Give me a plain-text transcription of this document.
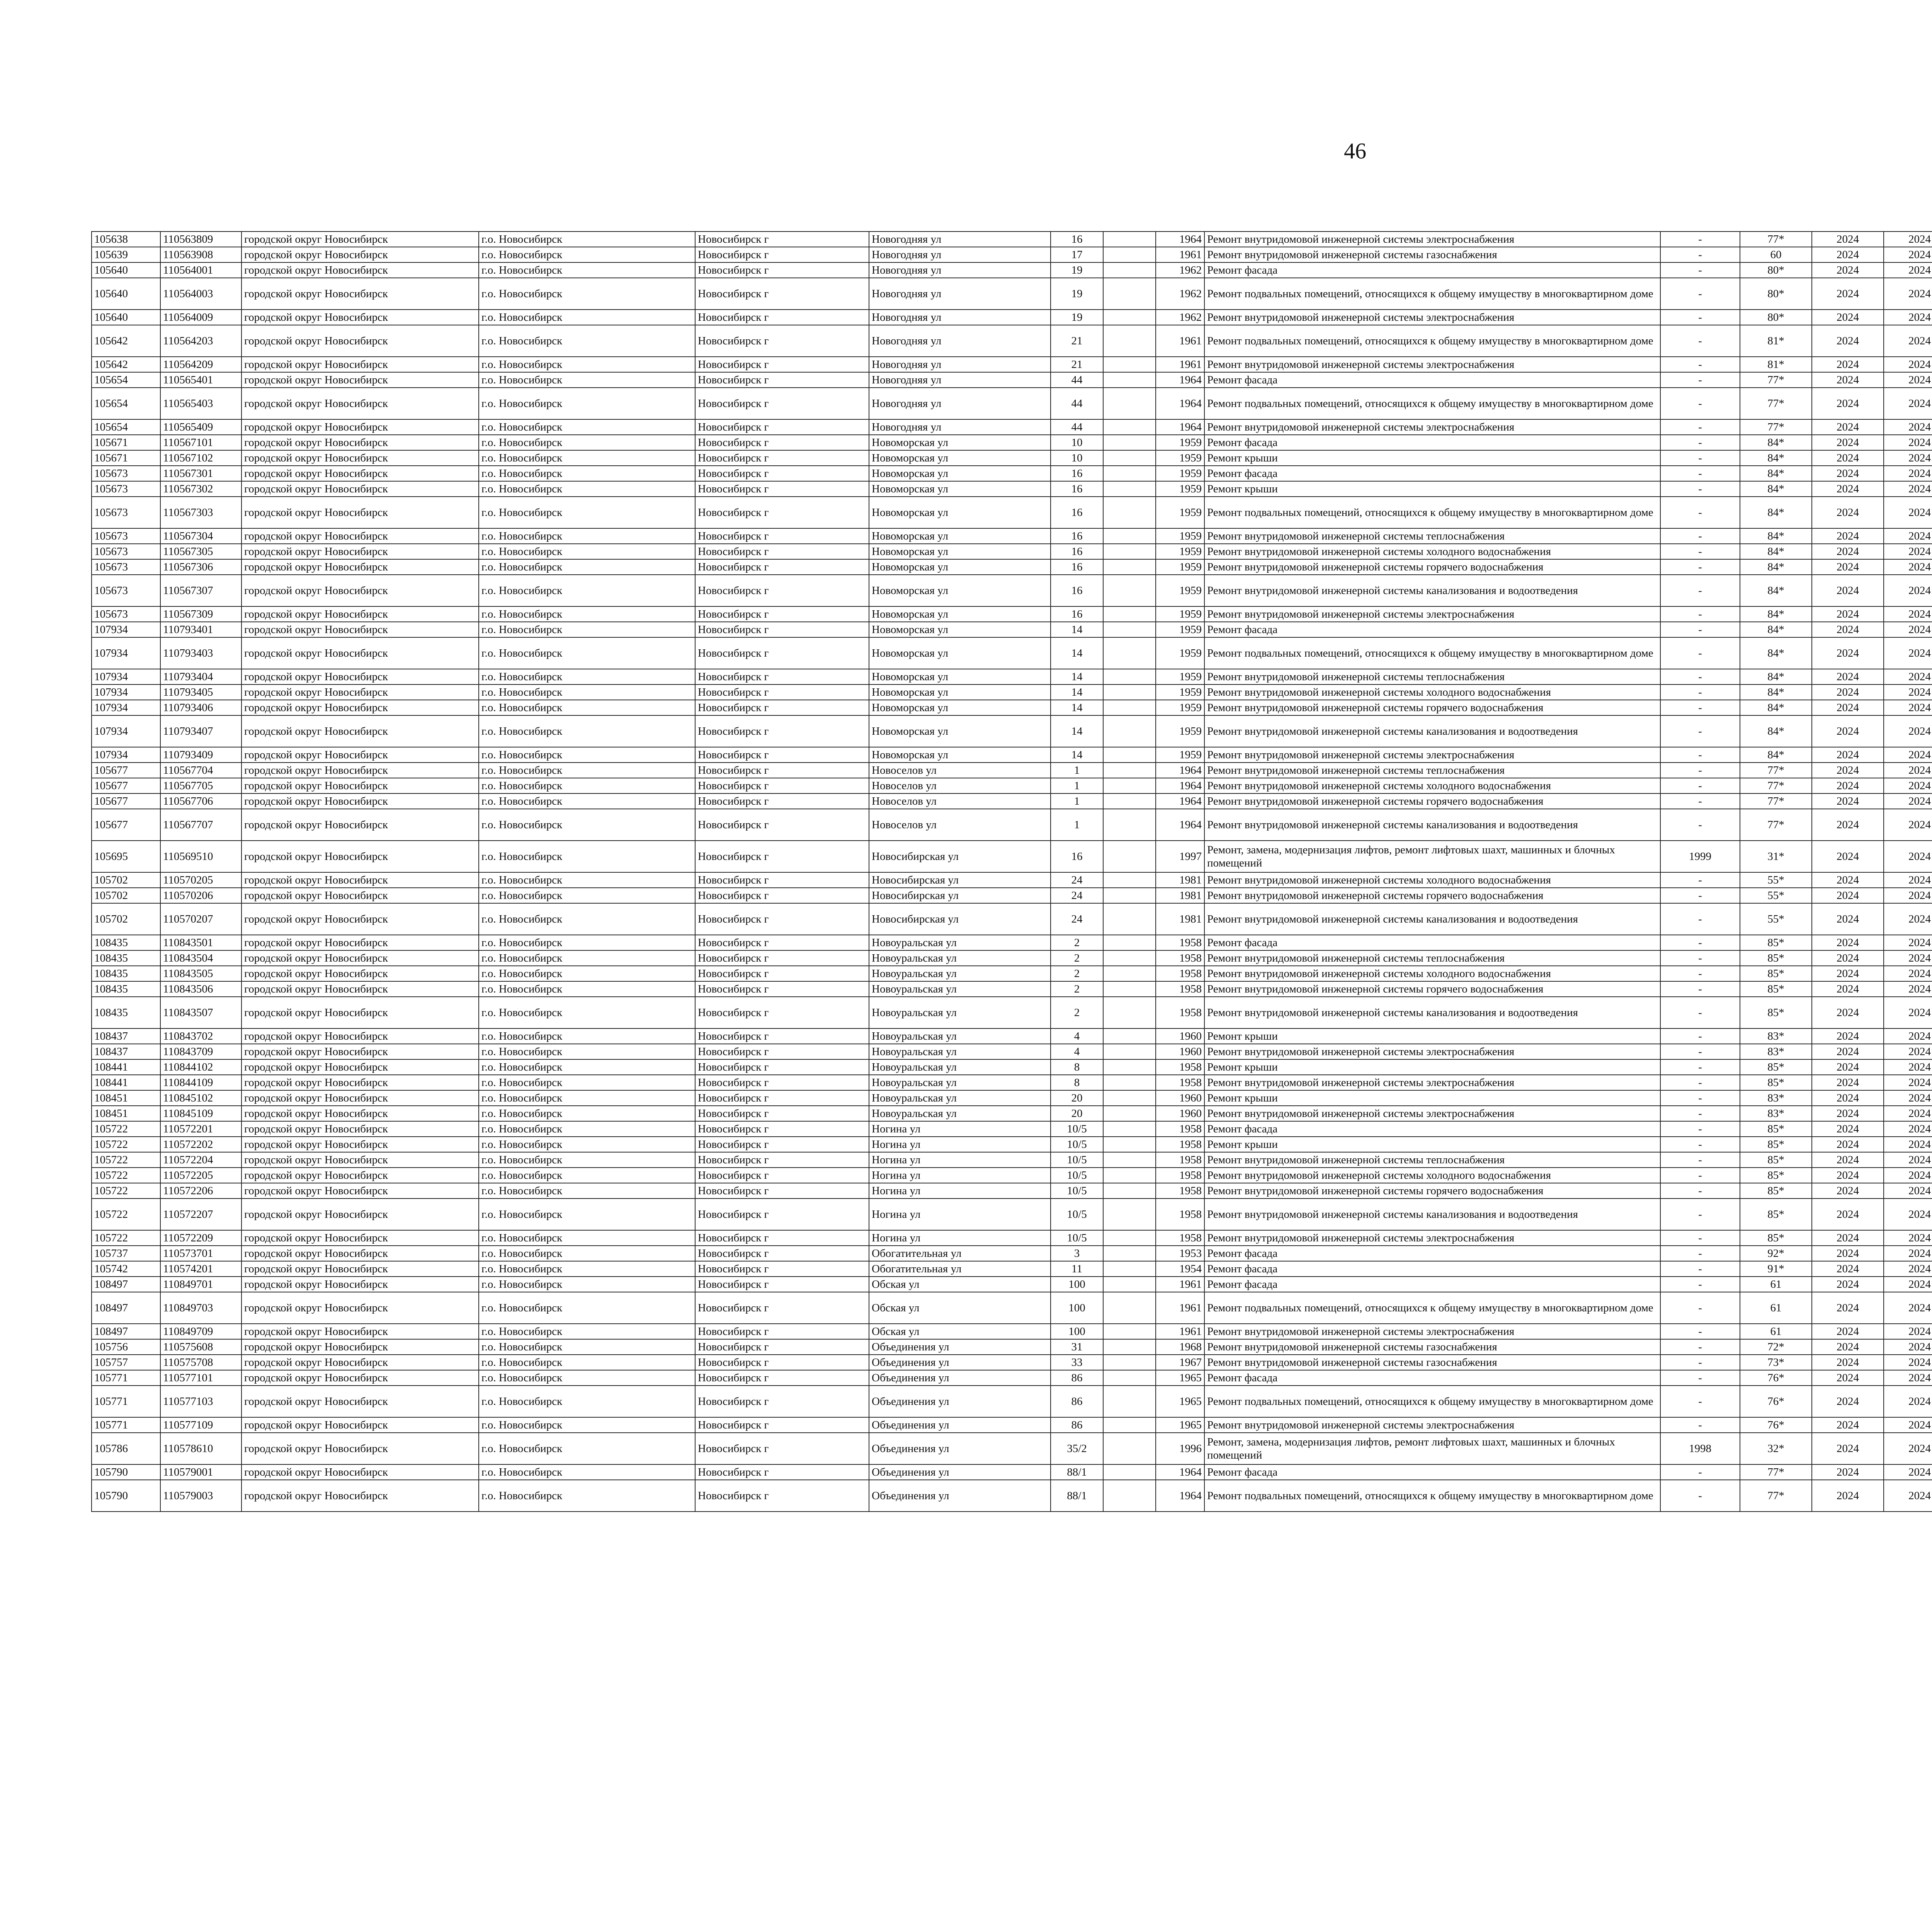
46
105638	110563809	городской округ Новосибирск	г.о. Новосибирск	Новосибирск г	Новогодняя ул	16		1964	Ремонт внутридомовой инженерной системы электроснабжения	-	77*	2024	2024					
105639	110563908	городской округ Новосибирск	г.о. Новосибирск	Новосибирск г	Новогодняя ул	17		1961	Ремонт внутридомовой инженерной системы газоснабжения	-	60	2024	2024					
105640	110564001	городской округ Новосибирск	г.о. Новосибирск	Новосибирск г	Новогодняя ул	19		1962	Ремонт фасада	-	80*	2024	2024					
105640	110564003	городской округ Новосибирск	г.о. Новосибирск	Новосибирск г	Новогодняя ул	19		1962	Ремонт подвальных помещений, относящихся к общему имуществу в многоквартирном доме	-	80*	2024	2024					
105640	110564009	городской округ Новосибирск	г.о. Новосибирск	Новосибирск г	Новогодняя ул	19		1962	Ремонт внутридомовой инженерной системы электроснабжения	-	80*	2024	2024					
105642	110564203	городской округ Новосибирск	г.о. Новосибирск	Новосибирск г	Новогодняя ул	21		1961	Ремонт подвальных помещений, относящихся к общему имуществу в многоквартирном доме	-	81*	2024	2024					
105642	110564209	городской округ Новосибирск	г.о. Новосибирск	Новосибирск г	Новогодняя ул	21		1961	Ремонт внутридомовой инженерной системы электроснабжения	-	81*	2024	2024					
105654	110565401	городской округ Новосибирск	г.о. Новосибирск	Новосибирск г	Новогодняя ул	44		1964	Ремонт фасада	-	77*	2024	2024					
105654	110565403	городской округ Новосибирск	г.о. Новосибирск	Новосибирск г	Новогодняя ул	44		1964	Ремонт подвальных помещений, относящихся к общему имуществу в многоквартирном доме	-	77*	2024	2024					
105654	110565409	городской округ Новосибирск	г.о. Новосибирск	Новосибирск г	Новогодняя ул	44		1964	Ремонт внутридомовой инженерной системы электроснабжения	-	77*	2024	2024					
105671	110567101	городской округ Новосибирск	г.о. Новосибирск	Новосибирск г	Новоморская ул	10		1959	Ремонт фасада	-	84*	2024	2024					
105671	110567102	городской округ Новосибирск	г.о. Новосибирск	Новосибирск г	Новоморская ул	10		1959	Ремонт крыши	-	84*	2024	2024					
105673	110567301	городской округ Новосибирск	г.о. Новосибирск	Новосибирск г	Новоморская ул	16		1959	Ремонт фасада	-	84*	2024	2024					
105673	110567302	городской округ Новосибирск	г.о. Новосибирск	Новосибирск г	Новоморская ул	16		1959	Ремонт крыши	-	84*	2024	2024					
105673	110567303	городской округ Новосибирск	г.о. Новосибирск	Новосибирск г	Новоморская ул	16		1959	Ремонт подвальных помещений, относящихся к общему имуществу в многоквартирном доме	-	84*	2024	2024					
105673	110567304	городской округ Новосибирск	г.о. Новосибирск	Новосибирск г	Новоморская ул	16		1959	Ремонт внутридомовой инженерной системы теплоснабжения	-	84*	2024	2024					
105673	110567305	городской округ Новосибирск	г.о. Новосибирск	Новосибирск г	Новоморская ул	16		1959	Ремонт внутридомовой инженерной системы холодного водоснабжения	-	84*	2024	2024					
105673	110567306	городской округ Новосибирск	г.о. Новосибирск	Новосибирск г	Новоморская ул	16		1959	Ремонт внутридомовой инженерной системы горячего водоснабжения	-	84*	2024	2024					
105673	110567307	городской округ Новосибирск	г.о. Новосибирск	Новосибирск г	Новоморская ул	16		1959	Ремонт внутридомовой инженерной системы канализования и водоотведения	-	84*	2024	2024					
105673	110567309	городской округ Новосибирск	г.о. Новосибирск	Новосибирск г	Новоморская ул	16		1959	Ремонт внутридомовой инженерной системы электроснабжения	-	84*	2024	2024					
107934	110793401	городской округ Новосибирск	г.о. Новосибирск	Новосибирск г	Новоморская ул	14		1959	Ремонт фасада	-	84*	2024	2024					
107934	110793403	городской округ Новосибирск	г.о. Новосибирск	Новосибирск г	Новоморская ул	14		1959	Ремонт подвальных помещений, относящихся к общему имуществу в многоквартирном доме	-	84*	2024	2024					
107934	110793404	городской округ Новосибирск	г.о. Новосибирск	Новосибирск г	Новоморская ул	14		1959	Ремонт внутридомовой инженерной системы теплоснабжения	-	84*	2024	2024					
107934	110793405	городской округ Новосибирск	г.о. Новосибирск	Новосибирск г	Новоморская ул	14		1959	Ремонт внутридомовой инженерной системы холодного водоснабжения	-	84*	2024	2024					
107934	110793406	городской округ Новосибирск	г.о. Новосибирск	Новосибирск г	Новоморская ул	14		1959	Ремонт внутридомовой инженерной системы горячего водоснабжения	-	84*	2024	2024					
107934	110793407	городской округ Новосибирск	г.о. Новосибирск	Новосибирск г	Новоморская ул	14		1959	Ремонт внутридомовой инженерной системы канализования и водоотведения	-	84*	2024	2024					
107934	110793409	городской округ Новосибирск	г.о. Новосибирск	Новосибирск г	Новоморская ул	14		1959	Ремонт внутридомовой инженерной системы электроснабжения	-	84*	2024	2024					
105677	110567704	городской округ Новосибирск	г.о. Новосибирск	Новосибирск г	Новоселов ул	1		1964	Ремонт внутридомовой инженерной системы теплоснабжения	-	77*	2024	2024					
105677	110567705	городской округ Новосибирск	г.о. Новосибирск	Новосибирск г	Новоселов ул	1		1964	Ремонт внутридомовой инженерной системы холодного водоснабжения	-	77*	2024	2024					
105677	110567706	городской округ Новосибирск	г.о. Новосибирск	Новосибирск г	Новоселов ул	1		1964	Ремонт внутридомовой инженерной системы горячего водоснабжения	-	77*	2024	2024					
105677	110567707	городской округ Новосибирск	г.о. Новосибирск	Новосибирск г	Новоселов ул	1		1964	Ремонт внутридомовой инженерной системы канализования и водоотведения	-	77*	2024	2024					
105695	110569510	городской округ Новосибирск	г.о. Новосибирск	Новосибирск г	Новосибирская ул	16		1997	Ремонт, замена, модернизация лифтов, ремонт лифтовых шахт, машинных и блочных помещений	1999	31*	2024	2024					
105702	110570205	городской округ Новосибирск	г.о. Новосибирск	Новосибирск г	Новосибирская ул	24		1981	Ремонт внутридомовой инженерной системы холодного водоснабжения	-	55*	2024	2024					
105702	110570206	городской округ Новосибирск	г.о. Новосибирск	Новосибирск г	Новосибирская ул	24		1981	Ремонт внутридомовой инженерной системы горячего водоснабжения	-	55*	2024	2024					
105702	110570207	городской округ Новосибирск	г.о. Новосибирск	Новосибирск г	Новосибирская ул	24		1981	Ремонт внутридомовой инженерной системы канализования и водоотведения	-	55*	2024	2024					
108435	110843501	городской округ Новосибирск	г.о. Новосибирск	Новосибирск г	Новоуральская ул	2		1958	Ремонт фасада	-	85*	2024	2024					
108435	110843504	городской округ Новосибирск	г.о. Новосибирск	Новосибирск г	Новоуральская ул	2		1958	Ремонт внутридомовой инженерной системы теплоснабжения	-	85*	2024	2024					
108435	110843505	городской округ Новосибирск	г.о. Новосибирск	Новосибирск г	Новоуральская ул	2		1958	Ремонт внутридомовой инженерной системы холодного водоснабжения	-	85*	2024	2024					
108435	110843506	городской округ Новосибирск	г.о. Новосибирск	Новосибирск г	Новоуральская ул	2		1958	Ремонт внутридомовой инженерной системы горячего водоснабжения	-	85*	2024	2024					
108435	110843507	городской округ Новосибирск	г.о. Новосибирск	Новосибирск г	Новоуральская ул	2		1958	Ремонт внутридомовой инженерной системы канализования и водоотведения	-	85*	2024	2024					
108437	110843702	городской округ Новосибирск	г.о. Новосибирск	Новосибирск г	Новоуральская ул	4		1960	Ремонт крыши	-	83*	2024	2024					
108437	110843709	городской округ Новосибирск	г.о. Новосибирск	Новосибирск г	Новоуральская ул	4		1960	Ремонт внутридомовой инженерной системы электроснабжения	-	83*	2024	2024					
108441	110844102	городской округ Новосибирск	г.о. Новосибирск	Новосибирск г	Новоуральская ул	8		1958	Ремонт крыши	-	85*	2024	2024					
108441	110844109	городской округ Новосибирск	г.о. Новосибирск	Новосибирск г	Новоуральская ул	8		1958	Ремонт внутридомовой инженерной системы электроснабжения	-	85*	2024	2024					
108451	110845102	городской округ Новосибирск	г.о. Новосибирск	Новосибирск г	Новоуральская ул	20		1960	Ремонт крыши	-	83*	2024	2024					
108451	110845109	городской округ Новосибирск	г.о. Новосибирск	Новосибирск г	Новоуральская ул	20		1960	Ремонт внутридомовой инженерной системы электроснабжения	-	83*	2024	2024					
105722	110572201	городской округ Новосибирск	г.о. Новосибирск	Новосибирск г	Ногина ул	10/5		1958	Ремонт фасада	-	85*	2024	2024					
105722	110572202	городской округ Новосибирск	г.о. Новосибирск	Новосибирск г	Ногина ул	10/5		1958	Ремонт крыши	-	85*	2024	2024					
105722	110572204	городской округ Новосибирск	г.о. Новосибирск	Новосибирск г	Ногина ул	10/5		1958	Ремонт внутридомовой инженерной системы теплоснабжения	-	85*	2024	2024					
105722	110572205	городской округ Новосибирск	г.о. Новосибирск	Новосибирск г	Ногина ул	10/5		1958	Ремонт внутридомовой инженерной системы холодного водоснабжения	-	85*	2024	2024					
105722	110572206	городской округ Новосибирск	г.о. Новосибирск	Новосибирск г	Ногина ул	10/5		1958	Ремонт внутридомовой инженерной системы горячего водоснабжения	-	85*	2024	2024					
105722	110572207	городской округ Новосибирск	г.о. Новосибирск	Новосибирск г	Ногина ул	10/5		1958	Ремонт внутридомовой инженерной системы канализования и водоотведения	-	85*	2024	2024					
105722	110572209	городской округ Новосибирск	г.о. Новосибирск	Новосибирск г	Ногина ул	10/5		1958	Ремонт внутридомовой инженерной системы электроснабжения	-	85*	2024	2024					
105737	110573701	городской округ Новосибирск	г.о. Новосибирск	Новосибирск г	Обогатительная ул	3		1953	Ремонт фасада	-	92*	2024	2024					
105742	110574201	городской округ Новосибирск	г.о. Новосибирск	Новосибирск г	Обогатительная ул	11		1954	Ремонт фасада	-	91*	2024	2024					
108497	110849701	городской округ Новосибирск	г.о. Новосибирск	Новосибирск г	Обская ул	100		1961	Ремонт фасада	-	61	2024	2024					
108497	110849703	городской округ Новосибирск	г.о. Новосибирск	Новосибирск г	Обская ул	100		1961	Ремонт подвальных помещений, относящихся к общему имуществу в многоквартирном доме	-	61	2024	2024					
108497	110849709	городской округ Новосибирск	г.о. Новосибирск	Новосибирск г	Обская ул	100		1961	Ремонт внутридомовой инженерной системы электроснабжения	-	61	2024	2024					
105756	110575608	городской округ Новосибирск	г.о. Новосибирск	Новосибирск г	Объединения ул	31		1968	Ремонт внутридомовой инженерной системы газоснабжения	-	72*	2024	2024					
105757	110575708	городской округ Новосибирск	г.о. Новосибирск	Новосибирск г	Объединения ул	33		1967	Ремонт внутридомовой инженерной системы газоснабжения	-	73*	2024	2024					
105771	110577101	городской округ Новосибирск	г.о. Новосибирск	Новосибирск г	Объединения ул	86		1965	Ремонт фасада	-	76*	2024	2024					
105771	110577103	городской округ Новосибирск	г.о. Новосибирск	Новосибирск г	Объединения ул	86		1965	Ремонт подвальных помещений, относящихся к общему имуществу в многоквартирном доме	-	76*	2024	2024					
105771	110577109	городской округ Новосибирск	г.о. Новосибирск	Новосибирск г	Объединения ул	86		1965	Ремонт внутридомовой инженерной системы электроснабжения	-	76*	2024	2024					
105786	110578610	городской округ Новосибирск	г.о. Новосибирск	Новосибирск г	Объединения ул	35/2		1996	Ремонт, замена, модернизация лифтов, ремонт лифтовых шахт, машинных и блочных помещений	1998	32*	2024	2024					
105790	110579001	городской округ Новосибирск	г.о. Новосибирск	Новосибирск г	Объединения ул	88/1		1964	Ремонт фасада	-	77*	2024	2024					
105790	110579003	городской округ Новосибирск	г.о. Новосибирск	Новосибирск г	Объединения ул	88/1		1964	Ремонт подвальных помещений, относящихся к общему имуществу в многоквартирном доме	-	77*	2024	2024					
